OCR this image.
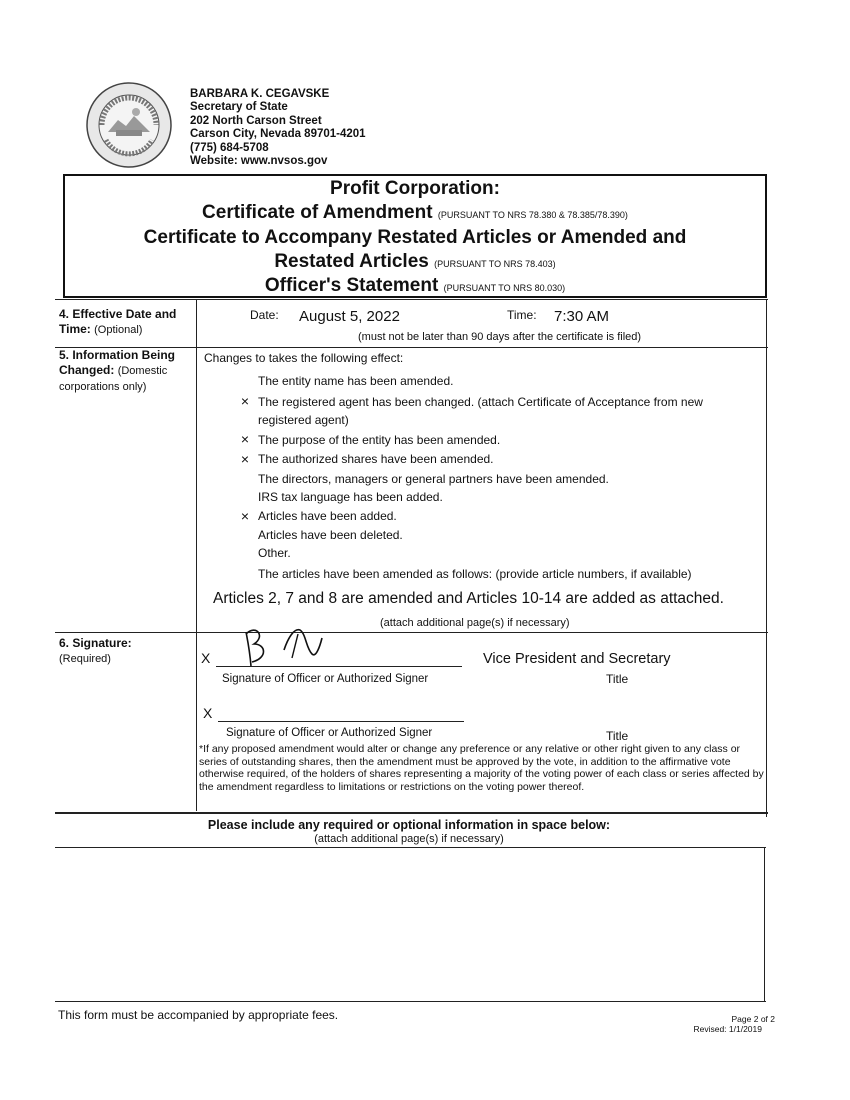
BARBARA K. CEGAVSKE
Secretary of State
202 North Carson Street
Carson City, Nevada 89701-4201
(775) 684-5708
Website: www.nvsos.gov
Profit Corporation:
Certificate of Amendment (PURSUANT TO NRS 78.380 & 78.385/78.390)
Certificate to Accompany Restated Articles or Amended and
Restated Articles (PURSUANT TO NRS 78.403)
Officer's Statement (PURSUANT TO NRS 80.030)
4. Effective Date and Time: (Optional)
Date: August 5, 2022	Time: 7:30 AM
(must not be later than 90 days after the certificate is filed)
5. Information Being Changed: (Domestic corporations only)
Changes to takes the following effect:
The entity name has been amended.
× The registered agent has been changed. (attach Certificate of Acceptance from new
registered agent)
× The purpose of the entity has been amended.
× The authorized shares have been amended.
The directors, managers or general partners have been amended.
IRS tax language has been added.
× Articles have been added.
Articles have been deleted.
Other.
The articles have been amended as follows: (provide article numbers, if available)
Articles 2, 7 and 8 are amended and Articles 10-14 are added as attached.
(attach additional page(s) if necessary)
6. Signature:
(Required)	X
Signature of Officer or Authorized Signer
Vice President and Secretary
Title
X
Signature of Officer or Authorized Signer	Title
*If any proposed amendment would alter or change any preference or any relative or other right given to any class or series of outstanding shares, then the amendment must be approved by the vote, in addition to the affirmative vote otherwise required, of the holders of shares representing a majority of the voting power of each class or series affected by the amendment regardless to limitations or restrictions on the voting power thereof.
Please include any required or optional information in space below:
(attach additional page(s) if necessary)
This form must be accompanied by appropriate fees.	Page 2 of 2
Revised: 1/1/2019
